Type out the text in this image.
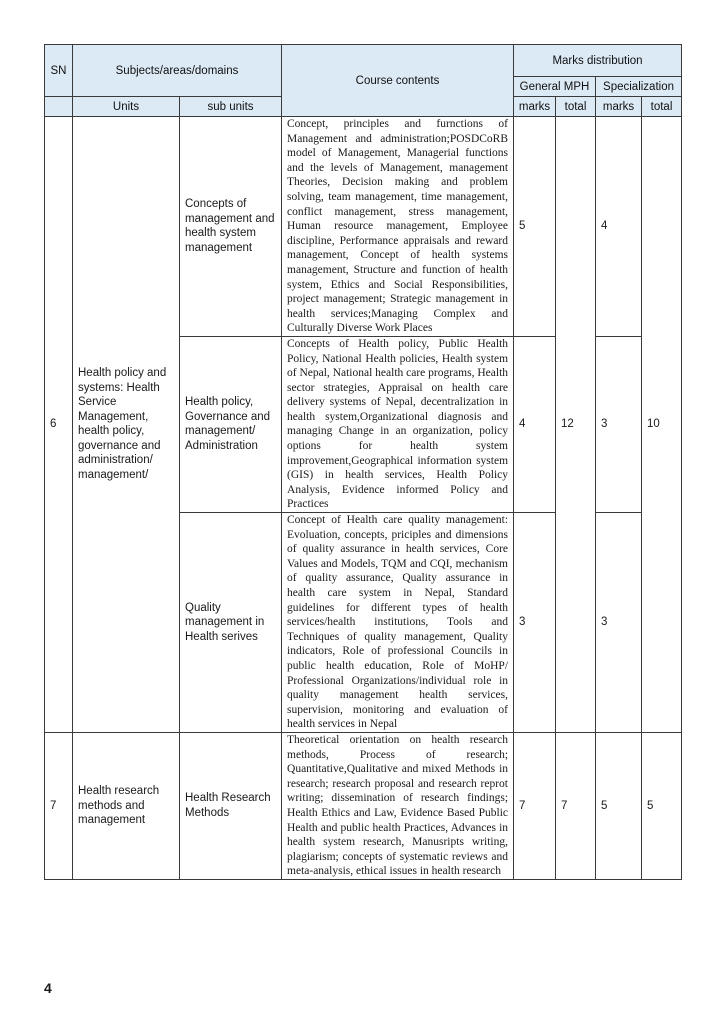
SN	Subjects/areas/domains		Course contents	Marks distribution			
				General MPH		Specialization	
	Units	sub units		marks	total	marks	total
6	Health policy and systems: Health Service Management, health policy, governance and administration/ management/	Concepts of management and health system management	Concept, principles and furnctions of Management and administration;POSDCoRB model of Management, Managerial functions and the levels of Management, management Theories, Decision making and problem solving, team management, time management, conflict management, stress management, Human resource management, Employee discipline, Performance appraisals and reward management, Concept of health systems management, Structure and function of health system, Ethics and Social Responsibilities, project management; Strategic management in health services;Managing Complex and Culturally Diverse Work Places	5	12	4	10
		Health policy, Governance and management/ Administration	Concepts of Health policy, Public Health Policy, National Health policies, Health system of Nepal, National health care programs, Health sector strategies, Appraisal on health care delivery systems of Nepal, decentralization in health system,Organizational diagnosis and managing Change in an organization, policy options for health system improvement,Geographical information system (GIS) in health services, Health Policy Analysis, Evidence informed Policy and Practices	4		3	
		Quality management in Health serives	Concept of Health care quality management: Evoluation, concepts, priciples and dimensions of quality assurance in health services, Core Values and Models, TQM and CQI, mechanism of quality assurance, Quality assurance in health care system in Nepal, Standard guidelines for different types of health services/health institutions, Tools and Techniques of quality management, Quality indicators, Role of professional Councils in public health education, Role of MoHP/ Professional Organizations/individual role in quality management health services, supervision, monitoring and evaluation of health services in Nepal	3		3	
7	Health research methods and management	Health Research Methods	Theoretical orientation on health research methods, Process of research; Quantitative,Qualitative and mixed Methods in research; research proposal and research reprot writing; dissemination of research findings; Health Ethics and Law, Evidence Based Public Health and public health Practices, Advances in health system research, Manusripts writing, plagiarism; concepts of systematic reviews and meta-analysis, ethical issues in health research	7	7	5	5
4
